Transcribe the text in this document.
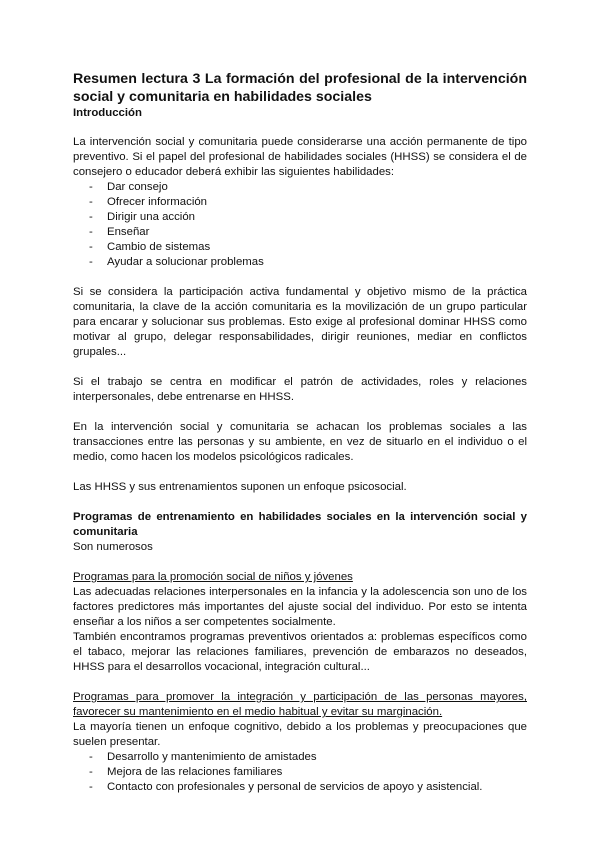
Resumen lectura 3 La formación del profesional de la intervención social y comunitaria en habilidades sociales
Introducción

La intervención social y comunitaria puede considerarse una acción permanente de tipo preventivo. Si el papel del profesional de habilidades sociales (HHSS) se considera el de consejero o educador deberá exhibir las siguientes habilidades:

- Dar consejo
- Ofrecer información
- Dirigir una acción
- Enseñar
- Cambio de sistemas
- Ayudar a solucionar problemas

Si se considera la participación activa fundamental y objetivo mismo de la práctica comunitaria, la clave de la acción comunitaria es la movilización de un grupo particular para encarar y solucionar sus problemas. Esto exige al profesional dominar HHSS como motivar al grupo, delegar responsabilidades, dirigir reuniones, mediar en conflictos grupales...

Si el trabajo se centra en modificar el patrón de actividades, roles y relaciones interpersonales, debe entrenarse en HHSS.

En la intervención social y comunitaria se achacan los problemas sociales a las transacciones entre las personas y su ambiente, en vez de situarlo en el individuo o el medio, como hacen los modelos psicológicos radicales.

Las HHSS y sus entrenamientos suponen un enfoque psicosocial.

Programas de entrenamiento en habilidades sociales en la intervención social y comunitaria

Son numerosos

Programas para la promoción social de niños y jóvenes

Las adecuadas relaciones interpersonales en la infancia y la adolescencia son uno de los factores predictores más importantes del ajuste social del individuo. Por esto se intenta enseñar a los niños a ser competentes socialmente.

También encontramos programas preventivos orientados a: problemas específicos como el tabaco, mejorar las relaciones familiares, prevención de embarazos no deseados, HHSS para el desarrollos vocacional, integración cultural...

Programas para promover la integración y participación de las personas mayores, favorecer su mantenimiento en el medio habitual y evitar su marginación.

La mayoría tienen un enfoque cognitivo, debido a los problemas y preocupaciones que suelen presentar.

- Desarrollo y mantenimiento de amistades
- Mejora de las relaciones familiares
- Contacto con profesionales y personal de servicios de apoyo y asistencial.
